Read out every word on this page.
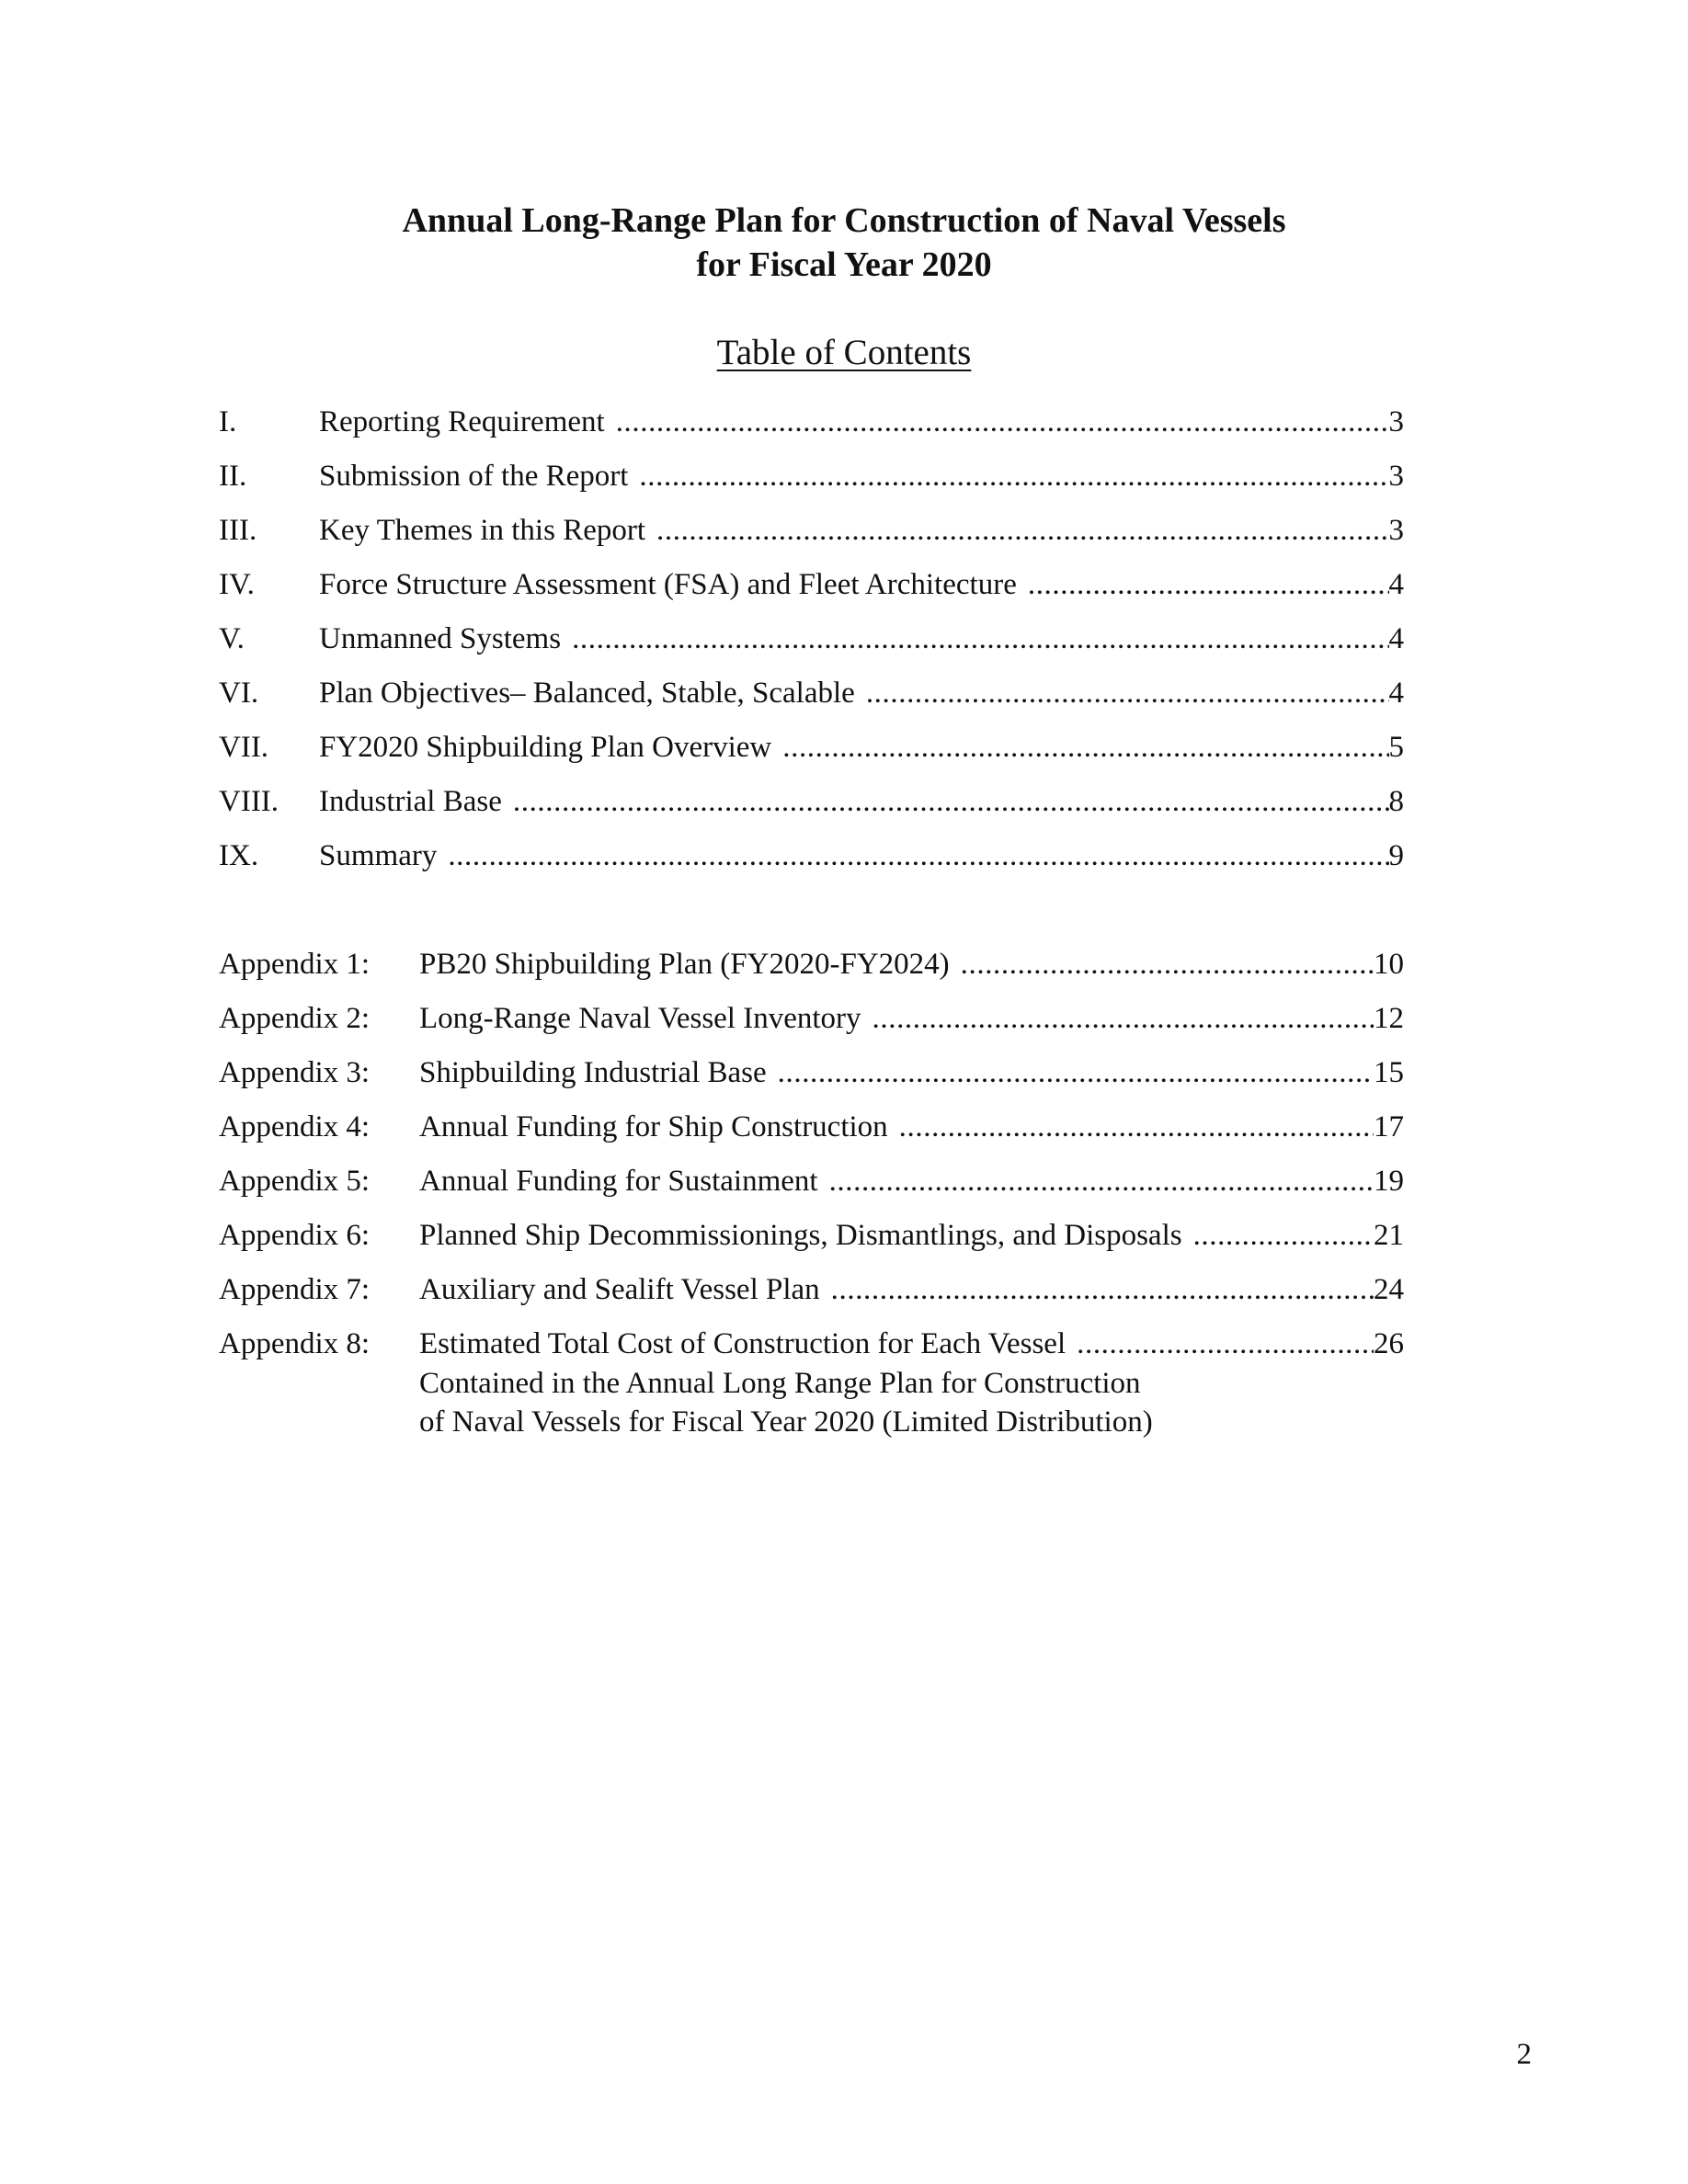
Annual Long-Range Plan for Construction of Naval Vessels
for Fiscal Year 2020
Table of Contents
I.	Reporting Requirement .....	3
II. Submission of the Report .....	3
III. Key Themes in this Report .....	3
IV. Force Structure Assessment (FSA) and Fleet Architecture .....	4
V. Unmanned Systems .....	4
VI. Plan Objectives– Balanced, Stable, Scalable .....	4
VII. FY2020 Shipbuilding Plan Overview .....	5
VIII. Industrial Base .....	8
IX. Summary .....	9
Appendix 1: PB20 Shipbuilding Plan (FY2020-FY2024) .....	10
Appendix 2: Long-Range Naval Vessel Inventory .....	12
Appendix 3: Shipbuilding Industrial Base .....	15
Appendix 4: Annual Funding for Ship Construction .....	17
Appendix 5: Annual Funding for Sustainment .....	19
Appendix 6: Planned Ship Decommissionings, Dismantlings, and Disposals .....	21
Appendix 7: Auxiliary and Sealift Vessel Plan .....	24
Appendix 8: Estimated Total Cost of Construction for Each Vessel .....	26
Contained in the Annual Long Range Plan for Construction
of Naval Vessels for Fiscal Year 2020 (Limited Distribution)
2
